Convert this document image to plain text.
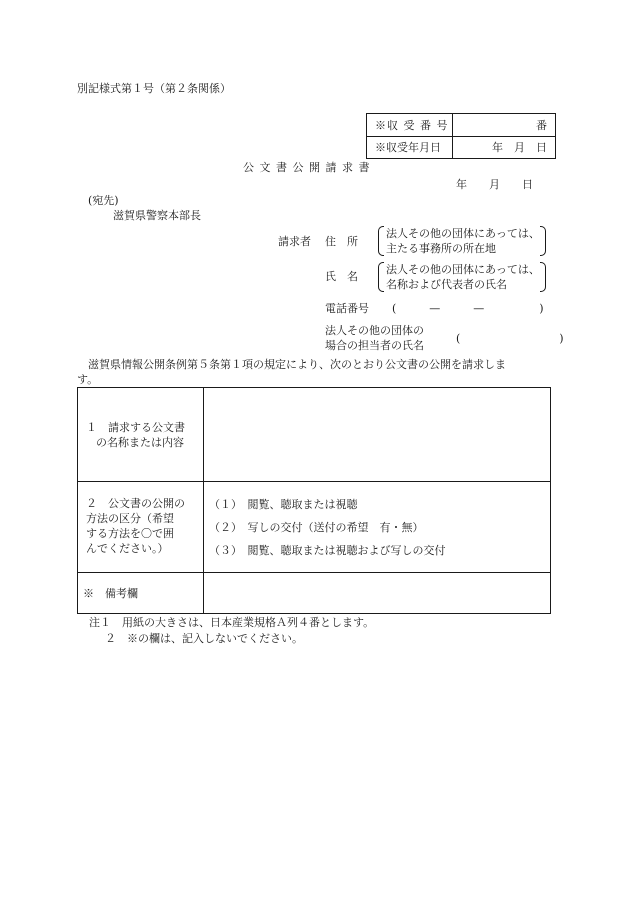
別記様式第１号（第２条関係）
※収 受 番 号	番
※収受年月日	年　月　日
公 文 書 公 開 請 求 書
年　　月　　日
(宛先)
滋賀県警察本部長
請求者 住　所
法人その他の団体にあっては、
主たる事務所の所在地
氏　名
法人その他の団体にあっては、
名称および代表者の氏名
電話番号 (　　　—　　　—　　　　　)
法人その他の団体の
場合の担当者の氏名
(　　　　　　　　　)
　滋賀県情報公開条例第５条第１項の規定により、次のとおり公文書の公開を請求しま
す。
１　請求する公文書
の名称または内容
２　公文書の公開の
方法の区分（希望
する方法を〇で囲
んでください。）
（１）　閲覧、聴取または視聴
（２）　写しの交付（送付の希望　有・無）
（３）　閲覧、聴取または視聴および写しの交付
※　備考欄
注１　用紙の大きさは、日本産業規格Ａ列４番とします。
２　※の欄は、記入しないでください。
